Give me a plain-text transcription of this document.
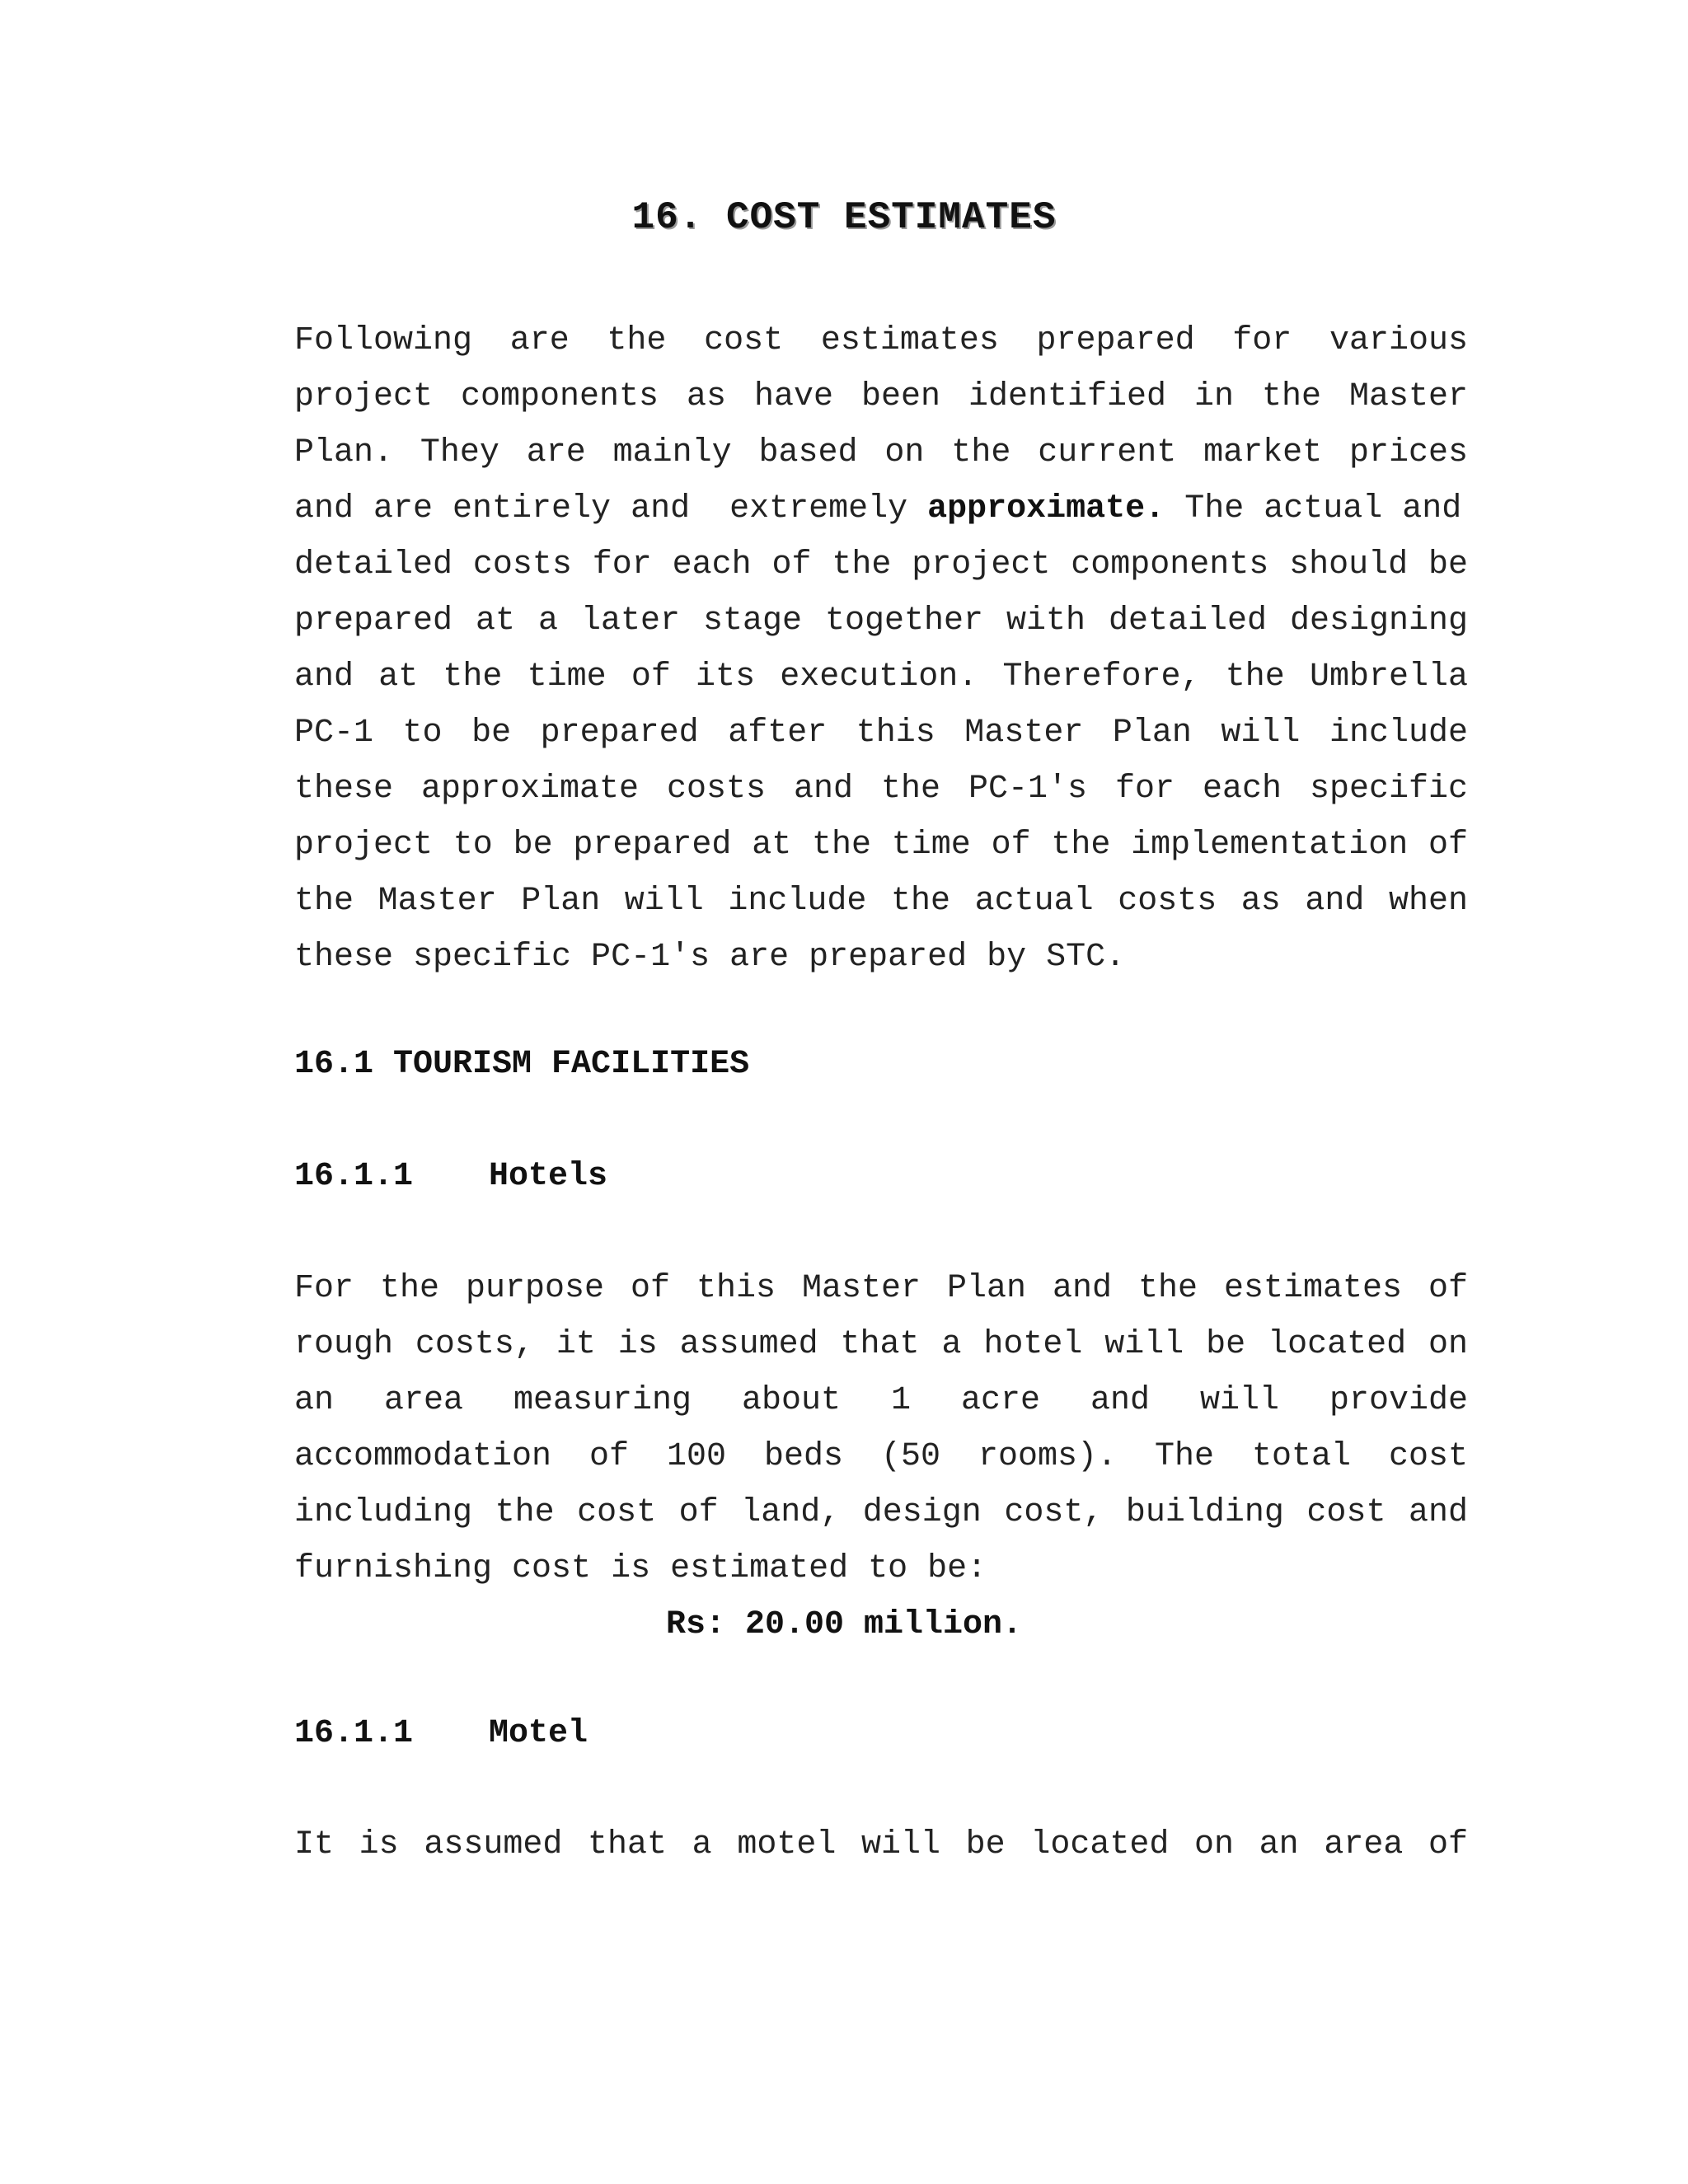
16. COST ESTIMATES
Following are the cost estimates prepared for various
project components as have been identified in the Master
Plan. They are mainly based on the current market prices
and are entirely and  extremely approximate. The actual and
detailed costs for each of the project components should be
prepared at a later stage together with detailed designing
and at the time of its execution. Therefore, the Umbrella
PC-1 to be prepared after this Master Plan will include
these approximate costs and the PC-1's for each specific
project to be prepared at the time of the implementation of
the Master Plan will include the actual costs as and when
these specific PC-1's are prepared by STC.
16.1 TOURISM FACILITIES
16.1.1 Hotels
For the purpose of this Master Plan and the estimates of
rough costs, it is assumed that a hotel will be located on
an area measuring about 1 acre and will provide
accommodation of 100 beds (50 rooms). The total cost
including the cost of land, design cost, building cost and
furnishing cost is estimated to be:
Rs: 20.00 million.
16.1.1 Motel
It is assumed that a motel will be located on an area of
